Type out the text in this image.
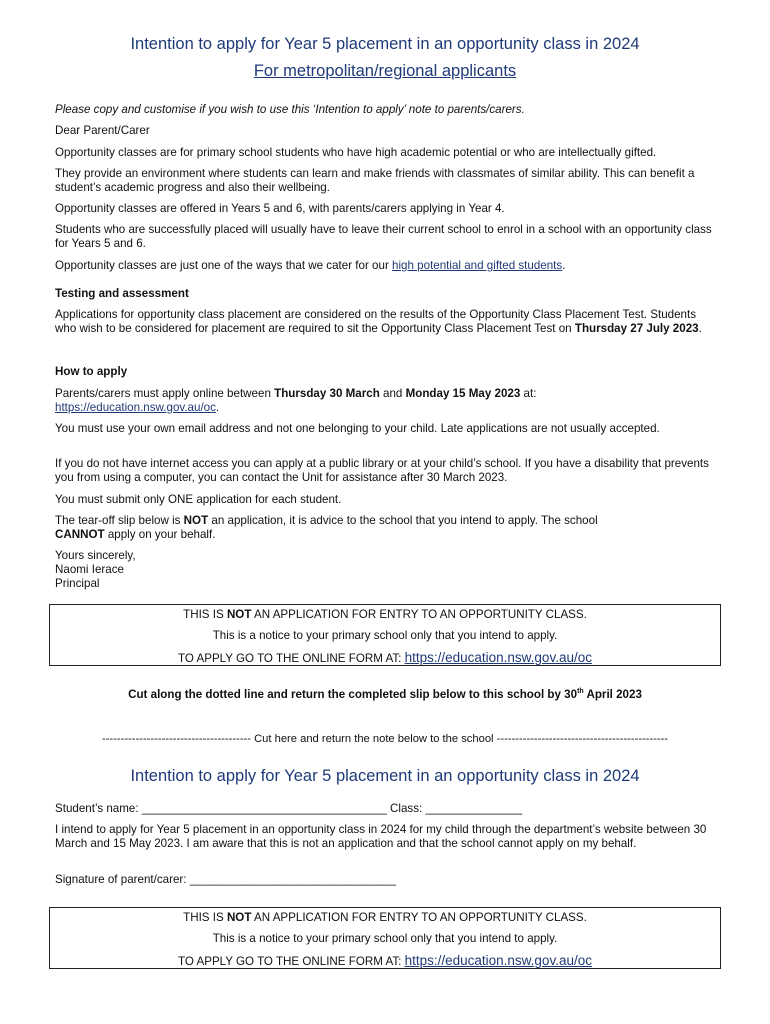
Intention to apply for Year 5 placement in an opportunity class in 2024
For metropolitan/regional applicants
Please copy and customise if you wish to use this ‘Intention to apply’ note to parents/carers.
Dear Parent/Carer
Opportunity classes are for primary school students who have high academic potential or who are intellectually gifted.
They provide an environment where students can learn and make friends with classmates of similar ability. This can benefit a student’s academic progress and also their wellbeing.
Opportunity classes are offered in Years 5 and 6, with parents/carers applying in Year 4.
Students who are successfully placed will usually have to leave their current school to enrol in a school with an opportunity class for Years 5 and 6.
Opportunity classes are just one of the ways that we cater for our high potential and gifted students.
Testing and assessment
Applications for opportunity class placement are considered on the results of the Opportunity Class Placement Test. Students who wish to be considered for placement are required to sit the Opportunity Class Placement Test on Thursday 27 July 2023.
How to apply
Parents/carers must apply online between Thursday 30 March and Monday 15 May 2023 at:
https://education.nsw.gov.au/oc.
You must use your own email address and not one belonging to your child. Late applications are not usually accepted.
If you do not have internet access you can apply at a public library or at your child’s school. If you have a disability that prevents you from using a computer, you can contact the Unit for assistance after 30 March 2023.
You must submit only ONE application for each student.
The tear-off slip below is NOT an application, it is advice to the school that you intend to apply. The school
CANNOT apply on your behalf.
Yours sincerely,
Naomi Ierace
Principal
THIS IS NOT AN APPLICATION FOR ENTRY TO AN OPPORTUNITY CLASS.
This is a notice to your primary school only that you intend to apply.
TO APPLY GO TO THE ONLINE FORM AT: https://education.nsw.gov.au/oc
Cut along the dotted line and return the completed slip below to this school by 30th April 2023
---------------------------------------- Cut here and return the note below to the school ----------------------------------------------
Intention to apply for Year 5 placement in an opportunity class in 2024
Student’s name: ______________________________________ Class: _______________
I intend to apply for Year 5 placement in an opportunity class in 2024 for my child through the department’s website between 30 March and 15 May 2023. I am aware that this is not an application and that the school cannot apply on my behalf.
Signature of parent/carer: ________________________________
THIS IS NOT AN APPLICATION FOR ENTRY TO AN OPPORTUNITY CLASS.
This is a notice to your primary school only that you intend to apply.
TO APPLY GO TO THE ONLINE FORM AT: https://education.nsw.gov.au/oc
